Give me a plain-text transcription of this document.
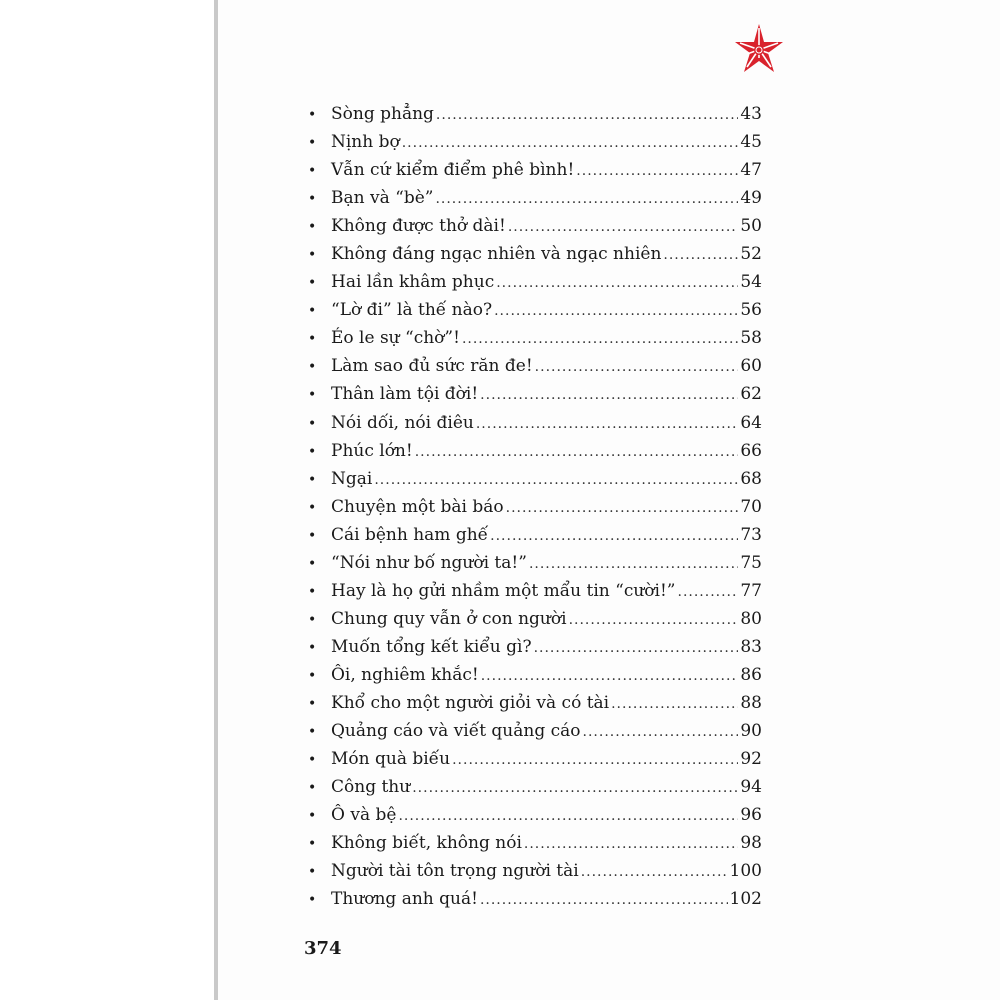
• Sòng phẳng .....	43
• Nịnh bợ .....	45
• Vẫn cứ kiểm điểm phê bình! .....	47
• Bạn và “bè” .....	49
• Không được thở dài! .....	50
• Không đáng ngạc nhiên và ngạc nhiên .....	52
• Hai lần khâm phục .....	54
• “Lờ đi” là thế nào? .....	56
• Éo le sự “chờ”! .....	58
• Làm sao đủ sức răn đe! .....	60
• Thân làm tội đời! .....	62
• Nói dối, nói điêu .....	64
• Phúc lớn! .....	66
• Ngại .....	68
• Chuyện một bài báo .....	70
• Cái bệnh ham ghế .....	73
• “Nói như bố người ta!” .....	75
• Hay là họ gửi nhầm một mẩu tin “cười!” .....	77
• Chung quy vẫn ở con người .....	80
• Muốn tổng kết kiểu gì? .....	83
• Ôi, nghiêm khắc! .....	86
• Khổ cho một người giỏi và có tài .....	88
• Quảng cáo và viết quảng cáo .....	90
• Món quà biếu .....	92
• Công thư .....	94
• Ô và bệ .....	96
• Không biết, không nói .....	98
• Người tài tôn trọng người tài .....	100
• Thương anh quá! .....	102
374
